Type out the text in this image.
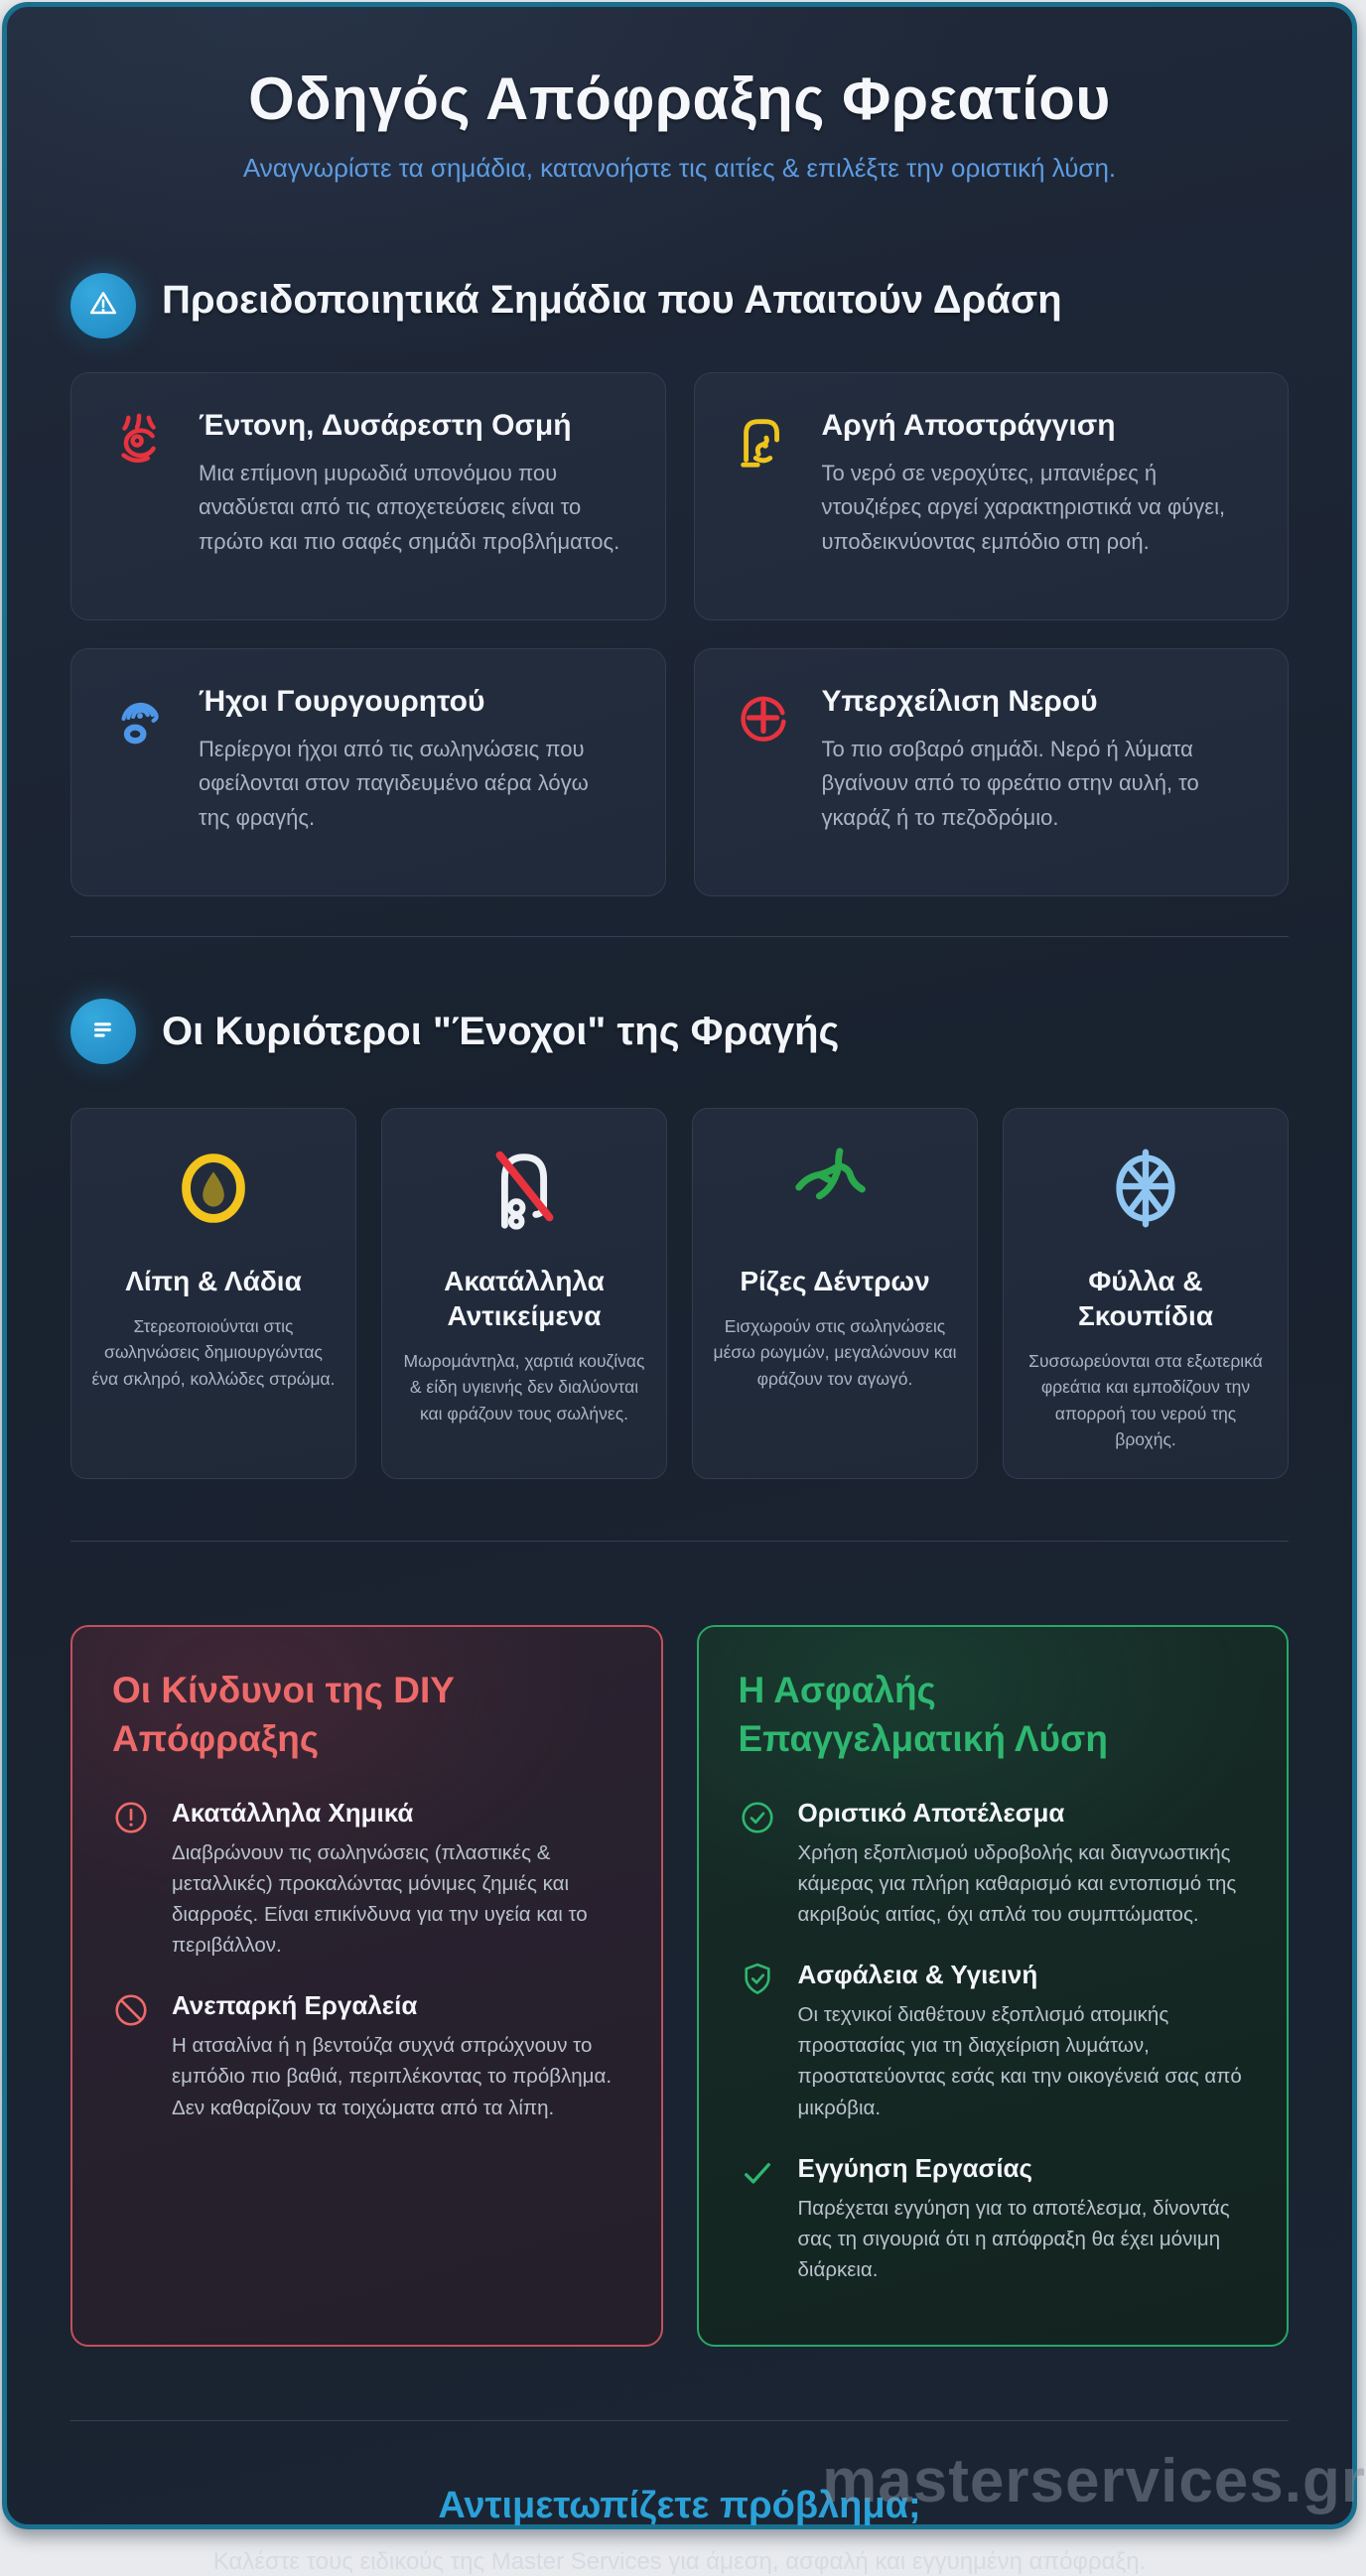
Οδηγός Απόφραξης Φρεατίου
Αναγνωρίστε τα σημάδια, κατανοήστε τις αιτίες & επιλέξτε την οριστική λύση.
Προειδοποιητικά Σημάδια που Απαιτούν Δράση
Έντονη, Δυσάρεστη Οσμή

Μια επίμονη μυρωδιά υπονόμου που αναδύεται από τις αποχετεύσεις είναι το πρώτο και πιο σαφές σημάδι προβλήματος.

Αργή Αποστράγγιση

Το νερό σε νεροχύτες, μπανιέρες ή ντουζιέρες αργεί χαρακτηριστικά να φύγει, υποδεικνύοντας εμπόδιο στη ροή.

Ήχοι Γουργουρητού

Περίεργοι ήχοι από τις σωληνώσεις που οφείλονται στον παγιδευμένο αέρα λόγω της φραγής.

Υπερχείλιση Νερού

Το πιο σοβαρό σημάδι. Νερό ή λύματα βγαίνουν από το φρεάτιο στην αυλή, το γκαράζ ή το πεζοδρόμιο.

Οι Κυριότεροι "Ένοχοι" της Φραγής
Λίπη & Λάδια

Στερεοποιούνται στις σωληνώσεις δημιουργώντας ένα σκληρό, κολλώδες στρώμα.

Ακατάλληλα Αντικείμενα

Μωρομάντηλα, χαρτιά κουζίνας & είδη υγιεινής δεν διαλύονται και φράζουν τους σωλήνες.

Ρίζες Δέντρων

Εισχωρούν στις σωληνώσεις μέσω ρωγμών, μεγαλώνουν και φράζουν τον αγωγό.

Φύλλα & Σκουπίδια

Συσσωρεύονται στα εξωτερικά φρεάτια και εμποδίζουν την απορροή του νερού της βροχής.

Οι Κίνδυνοι της DIY Απόφραξης
Ακατάλληλα Χημικά

Διαβρώνουν τις σωληνώσεις (πλαστικές & μεταλλικές) προκαλώντας μόνιμες ζημιές και διαρροές. Είναι επικίνδυνα για την υγεία και το περιβάλλον.

Ανεπαρκή Εργαλεία

Η ατσαλίνα ή η βεντούζα συχνά σπρώχνουν το εμπόδιο πιο βαθιά, περιπλέκοντας το πρόβλημα. Δεν καθαρίζουν τα τοιχώματα από τα λίπη.

Η Ασφαλής Επαγγελματική Λύση
Οριστικό Αποτέλεσμα

Χρήση εξοπλισμού υδροβολής και διαγνωστικής κάμερας για πλήρη καθαρισμό και εντοπισμό της ακριβούς αιτίας, όχι απλά του συμπτώματος.

Ασφάλεια & Υγιεινή

Οι τεχνικοί διαθέτουν εξοπλισμό ατομικής προστασίας για τη διαχείριση λυμάτων, προστατεύοντας εσάς και την οικογένειά σας από μικρόβια.

Εγγύηση Εργασίας

Παρέχεται εγγύηση για το αποτέλεσμα, δίνοντάς σας τη σιγουριά ότι η απόφραξη θα έχει μόνιμη διάρκεια.

Αντιμετωπίζετε πρόβλημα;

Καλέστε τους ειδικούς της Master Services για άμεση, ασφαλή και εγγυημένη απόφραξη.

masterservices.gr
